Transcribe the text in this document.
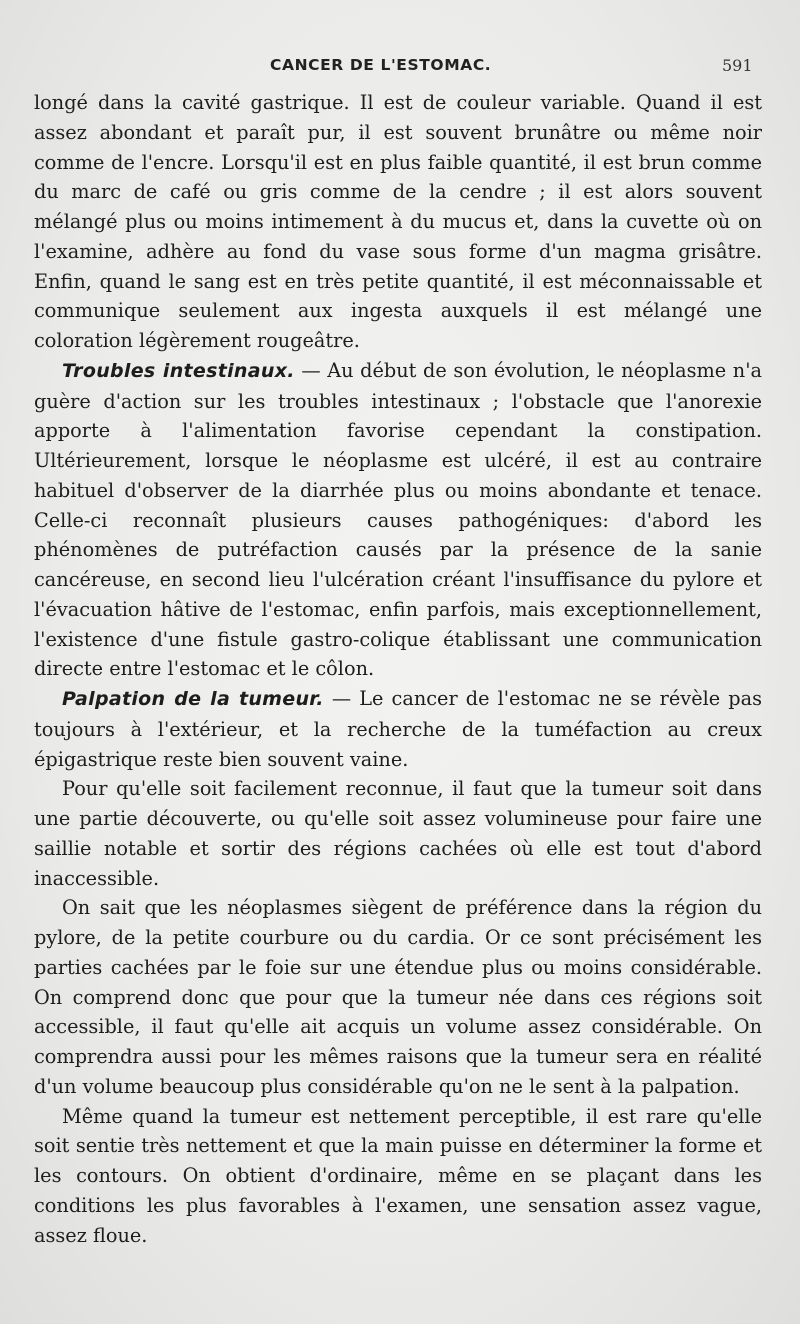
CANCER DE L'ESTOMAC.	591

longé dans la cavité gastrique. Il est de couleur variable. Quand il est assez abondant et paraît pur, il est souvent brunâtre ou même noir comme de l'encre. Lorsqu'il est en plus faible quantité, il est brun comme du marc de café ou gris comme de la cendre ; il est alors souvent mélangé plus ou moins intimement à du mucus et, dans la cuvette où on l'examine, adhère au fond du vase sous forme d'un magma grisâtre. Enfin, quand le sang est en très petite quantité, il est méconnaissable et communique seulement aux ingesta auxquels il est mélangé une coloration légèrement rougeâtre.

Troubles intestinaux. — Au début de son évolution, le néoplasme n'a guère d'action sur les troubles intestinaux ; l'obstacle que l'anorexie apporte à l'alimentation favorise cependant la constipation. Ultérieurement, lorsque le néoplasme est ulcéré, il est au contraire habituel d'observer de la diarrhée plus ou moins abondante et tenace. Celle-ci reconnaît plusieurs causes pathogéniques: d'abord les phénomènes de putréfaction causés par la présence de la sanie cancéreuse, en second lieu l'ulcération créant l'insuffisance du pylore et l'évacuation hâtive de l'estomac, enfin parfois, mais exceptionnellement, l'existence d'une fistule gastro-colique établissant une communication directe entre l'estomac et le côlon.

Palpation de la tumeur. — Le cancer de l'estomac ne se révèle pas toujours à l'extérieur, et la recherche de la tuméfaction au creux épigastrique reste bien souvent vaine.

Pour qu'elle soit facilement reconnue, il faut que la tumeur soit dans une partie découverte, ou qu'elle soit assez volumineuse pour faire une saillie notable et sortir des régions cachées où elle est tout d'abord inaccessible.

On sait que les néoplasmes siègent de préférence dans la région du pylore, de la petite courbure ou du cardia. Or ce sont précisément les parties cachées par le foie sur une étendue plus ou moins considérable. On comprend donc que pour que la tumeur née dans ces régions soit accessible, il faut qu'elle ait acquis un volume assez considérable. On comprendra aussi pour les mêmes raisons que la tumeur sera en réalité d'un volume beaucoup plus considérable qu'on ne le sent à la palpation.

Même quand la tumeur est nettement perceptible, il est rare qu'elle soit sentie très nettement et que la main puisse en déterminer la forme et les contours. On obtient d'ordinaire, même en se plaçant dans les conditions les plus favorables à l'examen, une sensation assez vague, assez floue.
